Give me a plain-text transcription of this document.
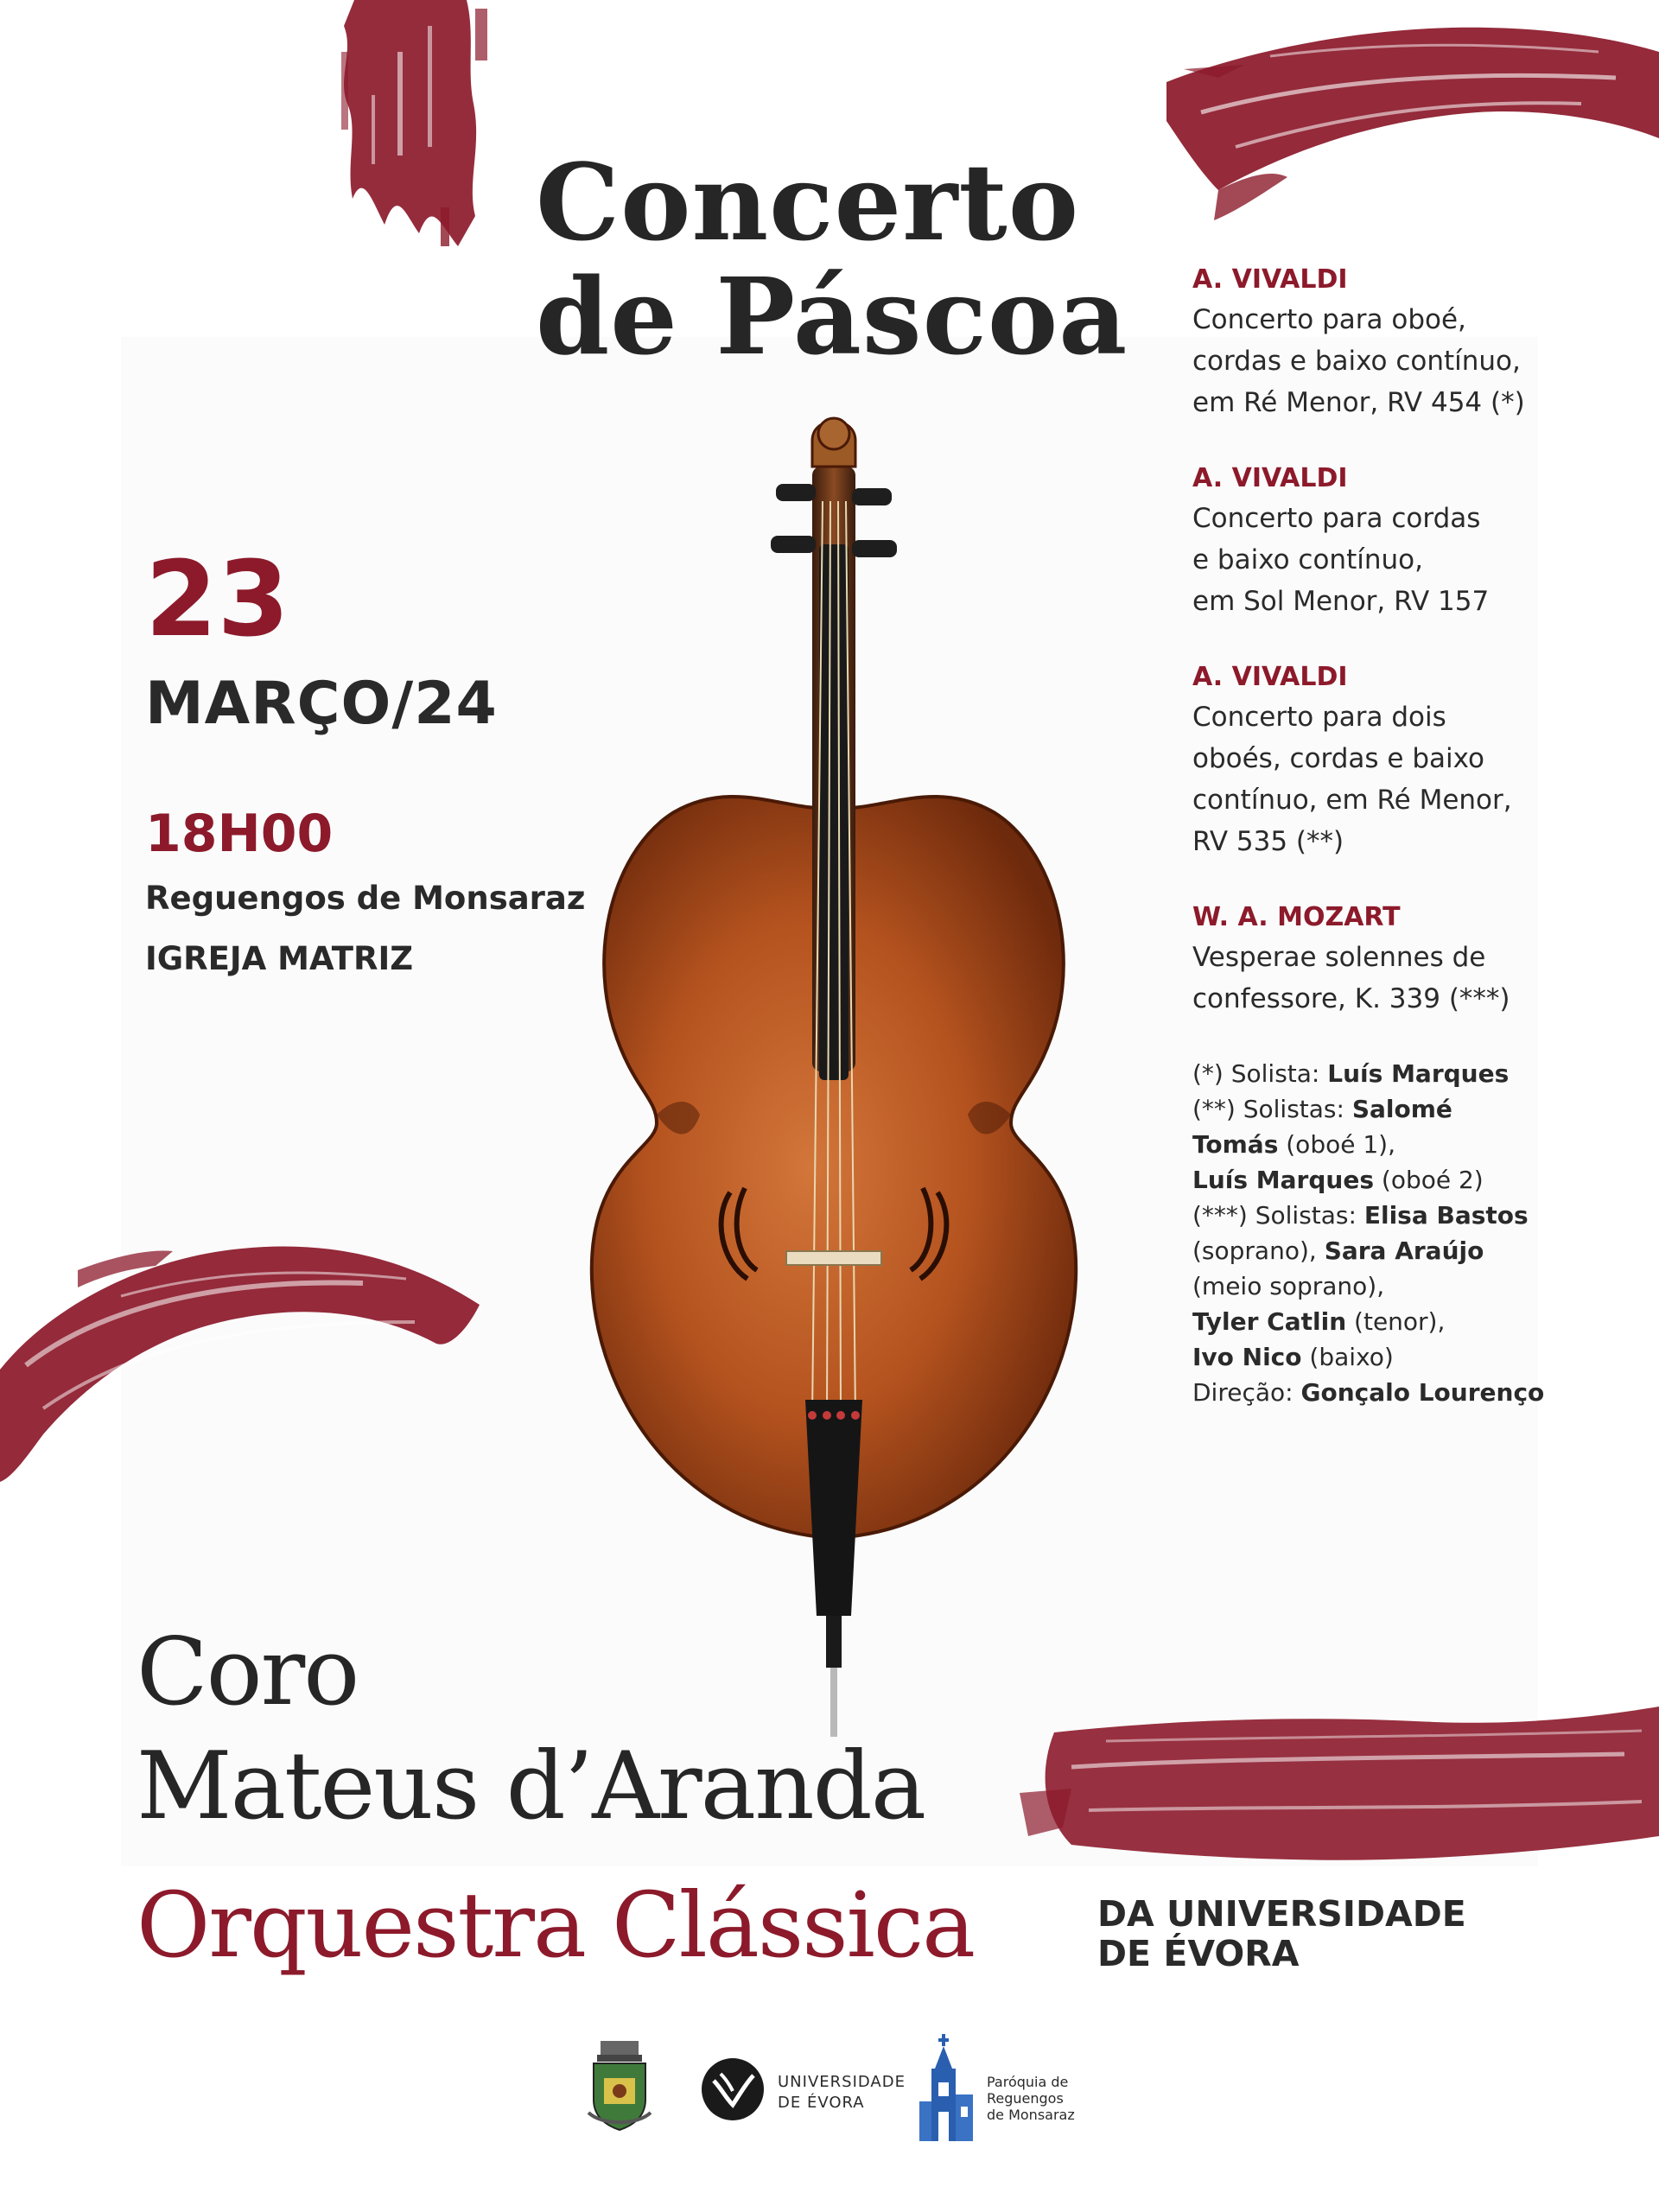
Concerto
de Páscoa
23
MARÇO/24
18H00
Reguengos de Monsaraz
IGREJA MATRIZ
A. VIVALDI
Concerto para oboé,
cordas e baixo contínuo,
em Ré Menor, RV 454 (*)
A. VIVALDI
Concerto para cordas
e baixo contínuo,
em Sol Menor, RV 157
A. VIVALDI
Concerto para dois
oboés, cordas e baixo
contínuo, em Ré Menor,
RV 535 (**)
W. A. MOZART
Vesperae solennes de
confessore, K. 339 (***)
(*) Solista: Luís Marques
(**) Solistas: Salomé
Tomás (oboé 1),
Luís Marques (oboé 2)
(***) Solistas: Elisa Bastos
(soprano), Sara Araújo
(meio soprano),
Tyler Catlin (tenor),
Ivo Nico (baixo)
Direção: Gonçalo Lourenço
Coro
Mateus d’Aranda
Orquestra Clássica	DA UNIVERSIDADE
DE ÉVORA
UNIVERSIDADE
DE ÉVORA
Paróquia de
Reguengos
de Monsaraz
